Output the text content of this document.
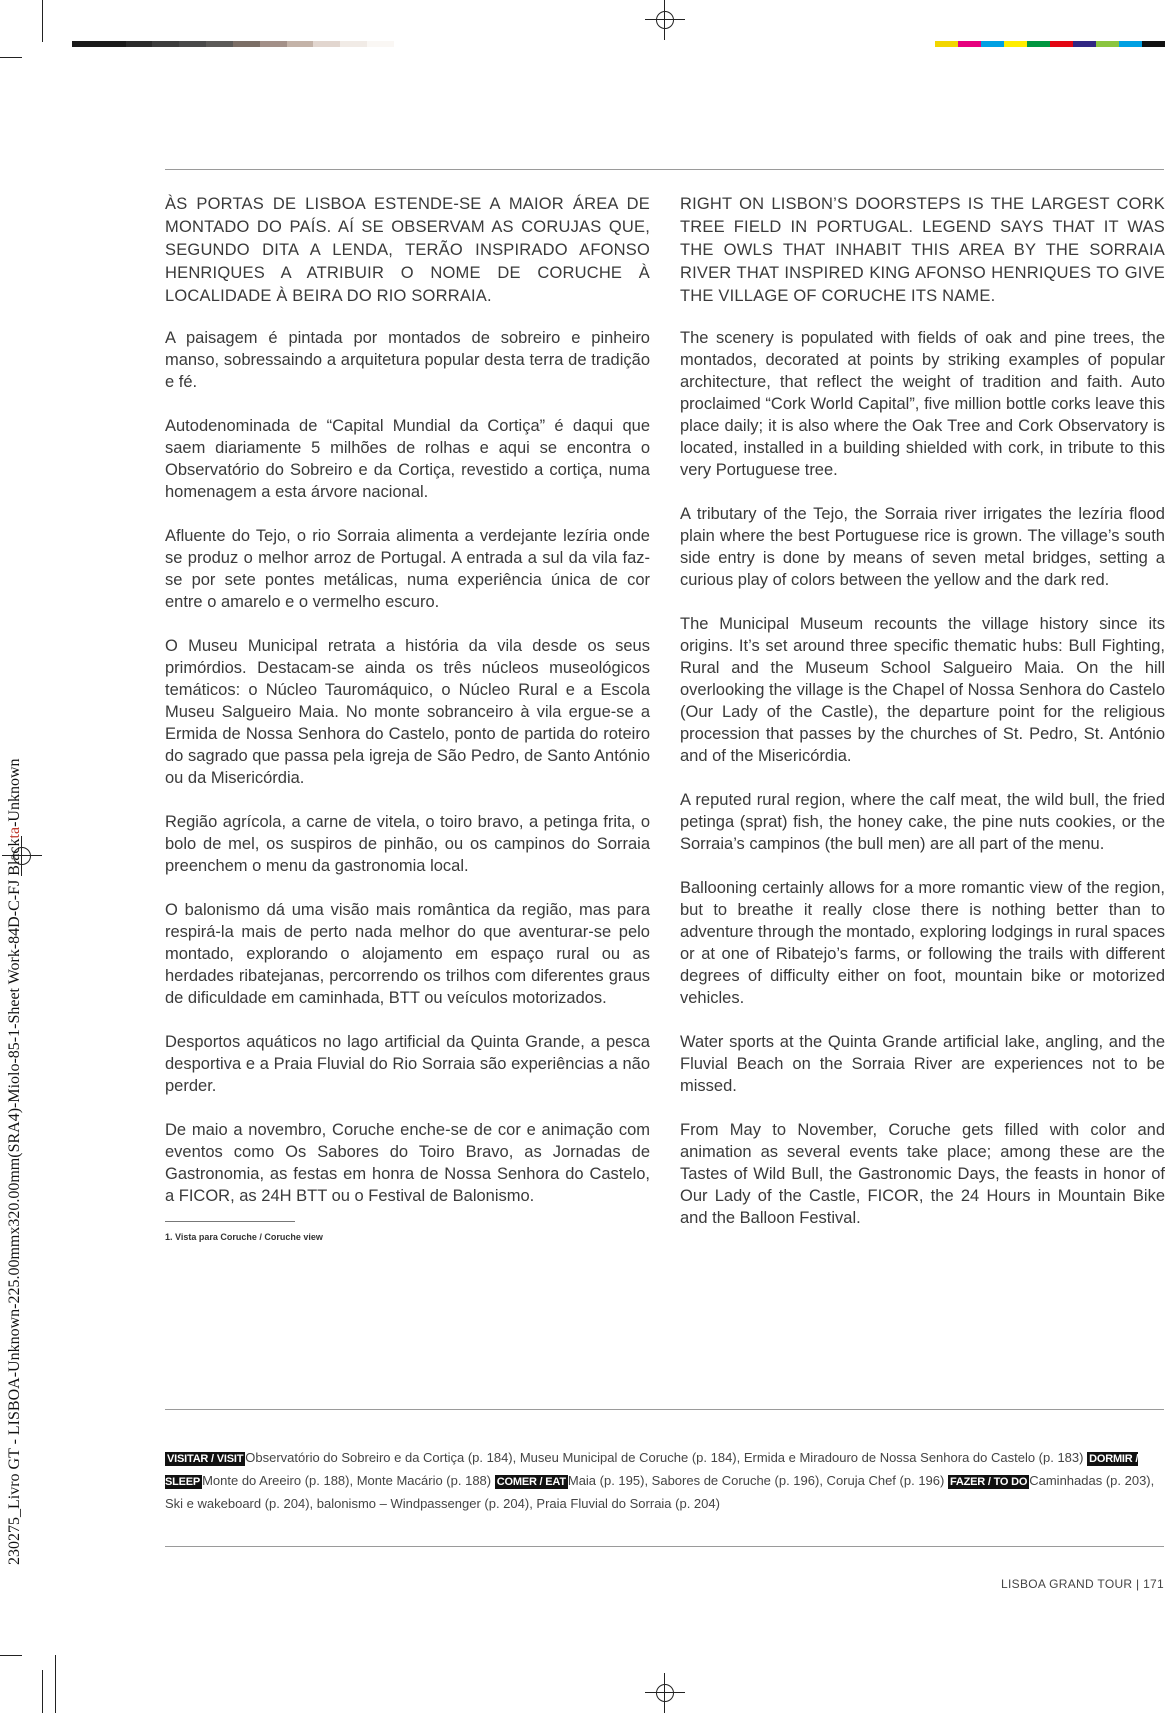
230275_Livro GT - LISBOA-Unknown-225.00mmx320.00mm(SRA4)-Miolo-85-1-Sheet Work-84D-C-FJ Blackta-Unknown

ÀS PORTAS DE LISBOA ESTENDE-SE A MAIOR ÁREA DE MONTADO DO PAÍS. AÍ SE OBSERVAM AS CORUJAS QUE, SEGUNDO DITA A LENDA, TERÃO INSPIRADO AFONSO HENRIQUES A ATRIBUIR O NOME DE CORUCHE À LOCALIDADE À BEIRA DO RIO SORRAIA.

A paisagem é pintada por montados de sobreiro e pinheiro manso, sobressaindo a arquitetura popular desta terra de tradição e fé.

Autodenominada de “Capital Mundial da Cortiça” é daqui que saem diariamente 5 milhões de rolhas e aqui se encontra o Observatório do Sobreiro e da Cortiça, revestido a cortiça, numa homenagem a esta árvore nacional.

Afluente do Tejo, o rio Sorraia alimenta a verdejante lezíria onde se produz o melhor arroz de Portugal. A entrada a sul da vila faz-se por sete pontes metálicas, numa experiência única de cor entre o amarelo e o vermelho escuro.

O Museu Municipal retrata a história da vila desde os seus primórdios. Destacam-se ainda os três núcleos museológicos temáticos: o Núcleo Tauromáquico, o Núcleo Rural e a Escola Museu Salgueiro Maia. No monte sobranceiro à vila ergue-se a Ermida de Nossa Senhora do Castelo, ponto de partida do roteiro do sagrado que passa pela igreja de São Pedro, de Santo António ou da Misericórdia.

Região agrícola, a carne de vitela, o toiro bravo, a petinga frita, o bolo de mel, os suspiros de pinhão, ou os campinos do Sorraia preenchem o menu da gastronomia local.

O balonismo dá uma visão mais romântica da região, mas para respirá-la mais de perto nada melhor do que aventurar-se pelo montado, explorando o alojamento em espaço rural ou as herdades ribatejanas, percorrendo os trilhos com diferentes graus de dificuldade em caminhada, BTT ou veículos motorizados.

Desportos aquáticos no lago artificial da Quinta Grande, a pesca desportiva e a Praia Fluvial do Rio Sorraia são experiências a não perder.

De maio a novembro, Coruche enche-se de cor e animação com eventos como Os Sabores do Toiro Bravo, as Jornadas de Gastronomia, as festas em honra de Nossa Senhora do Castelo, a FICOR, as 24H BTT ou o Festival de Balonismo.

1. Vista para Coruche / Coruche view

RIGHT ON LISBON’S DOORSTEPS IS THE LARGEST CORK TREE FIELD IN PORTUGAL. LEGEND SAYS THAT IT WAS THE OWLS THAT INHABIT THIS AREA BY THE SORRAIA RIVER THAT INSPIRED KING AFONSO HENRIQUES TO GIVE THE VILLAGE OF CORUCHE ITS NAME.

The scenery is populated with fields of oak and pine trees, the montados, decorated at points by striking examples of popular architecture, that reflect the weight of tradition and faith. Auto proclaimed “Cork World Capital”, five million bottle corks leave this place daily; it is also where the Oak Tree and Cork Observatory is located, installed in a building shielded with cork, in tribute to this very Portuguese tree.

A tributary of the Tejo, the Sorraia river irrigates the lezíria flood plain where the best Portuguese rice is grown. The village’s south side entry is done by means of seven metal bridges, setting a curious play of colors between the yellow and the dark red.

The Municipal Museum recounts the village history since its origins. It’s set around three specific thematic hubs: Bull Fighting, Rural and the Museum School Salgueiro Maia. On the hill overlooking the village is the Chapel of Nossa Senhora do Castelo (Our Lady of the Castle), the departure point for the religious procession that passes by the churches of St. Pedro, St. António and of the Misericórdia.

A reputed rural region, where the calf meat, the wild bull, the fried petinga (sprat) fish, the honey cake, the pine nuts cookies, or the Sorraia’s campinos (the bull men) are all part of the menu.

Ballooning certainly allows for a more romantic view of the region, but to breathe it really close there is nothing better than to adventure through the montado, exploring lodgings in rural spaces or at one of Ribatejo’s farms, or following the trails with different degrees of difficulty either on foot, mountain bike or motorized vehicles.

Water sports at the Quinta Grande artificial lake, angling, and the Fluvial Beach on the Sorraia River are experiences not to be missed.

From May to November, Coruche gets filled with color and animation as several events take place; among these are the Tastes of Wild Bull, the Gastronomic Days, the feasts in honor of Our Lady of the Castle, FICOR, the 24 Hours in Mountain Bike and the Balloon Festival.

VISITAR / VISIT Observatório do Sobreiro e da Cortiça (p. 184), Museu Municipal de Coruche (p. 184), Ermida e Miradouro de Nossa Senhora do Castelo (p. 183) DORMIR / SLEEP Monte do Areeiro (p. 188), Monte Macário (p. 188) COMER / EAT Maia (p. 195), Sabores de Coruche (p. 196), Coruja Chef (p. 196) FAZER / TO DO Caminhadas (p. 203), Ski e wakeboard (p. 204), balonismo – Windpassenger (p. 204), Praia Fluvial do Sorraia (p. 204)
LISBOA GRAND TOUR | 171
